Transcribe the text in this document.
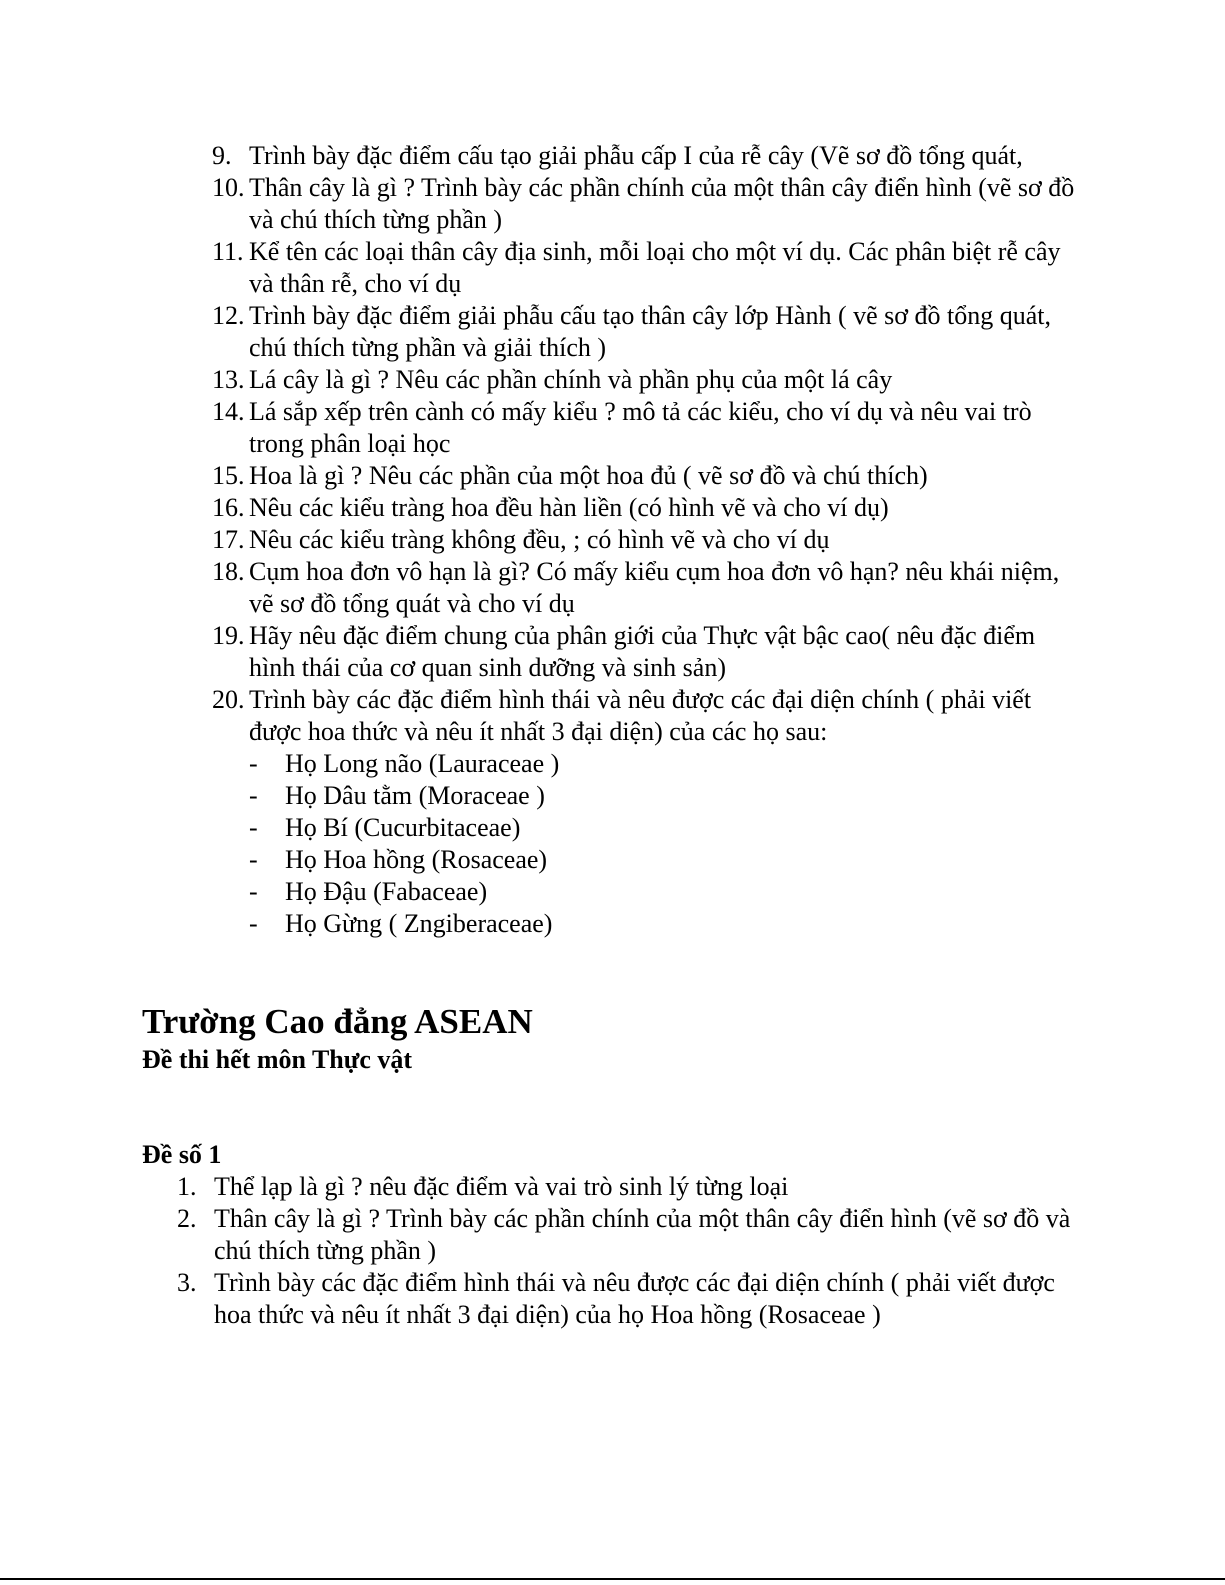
9. Trình bày đặc điểm cấu tạo giải phẫu cấp I của rễ cây (Vẽ sơ đồ tổng quát,
10. Thân cây là gì ? Trình bày các phần chính của một thân cây điển hình (vẽ sơ đồ và chú thích từng phần )
11. Kể tên các loại thân cây địa sinh, mỗi loại cho một ví dụ. Các phân biệt rễ cây và thân rễ, cho ví dụ
12. Trình bày đặc điểm giải phẫu cấu tạo thân cây lớp Hành ( vẽ sơ đồ tổng quát, chú thích từng phần và giải thích )
13. Lá cây là gì ? Nêu các phần chính và phần phụ của một lá cây
14. Lá sắp xếp trên cành có mấy kiểu ? mô tả các kiểu, cho ví dụ và nêu vai trò trong phân loại học
15. Hoa là gì ? Nêu các phần của một hoa đủ ( vẽ sơ đồ và chú thích)
16. Nêu các kiểu tràng hoa đều hàn liền (có hình vẽ và cho ví dụ)
17. Nêu các kiểu tràng không đều, ; có hình vẽ và cho ví dụ
18. Cụm hoa đơn vô hạn là gì? Có mấy kiểu cụm hoa đơn vô hạn? nêu khái niệm, vẽ sơ đồ tổng quát và cho ví dụ
19. Hãy nêu đặc điểm chung của phân giới của Thực vật bậc cao( nêu đặc điểm hình thái của cơ quan sinh dưỡng và sinh sản)
20. Trình bày các đặc điểm hình thái và nêu được các đại diện chính ( phải viết được hoa thức và nêu ít nhất 3 đại diện) của các họ sau:
- Họ Long não (Lauraceae )
- Họ Dâu tằm (Moraceae )
- Họ Bí (Cucurbitaceae)
- Họ Hoa hồng (Rosaceae)
- Họ Đậu (Fabaceae)
- Họ Gừng ( Zngiberaceae)
Trường Cao đẳng ASEAN
Đề thi hết môn Thực vật
Đề số 1
1. Thể lạp là gì ? nêu đặc điểm và vai trò sinh lý từng loại
2. Thân cây là gì ? Trình bày các phần chính của một thân cây điển hình (vẽ sơ đồ và chú thích từng phần )
3. Trình bày các đặc điểm hình thái và nêu được các đại diện chính ( phải viết được hoa thức và nêu ít nhất 3 đại diện) của họ Hoa hồng (Rosaceae )
